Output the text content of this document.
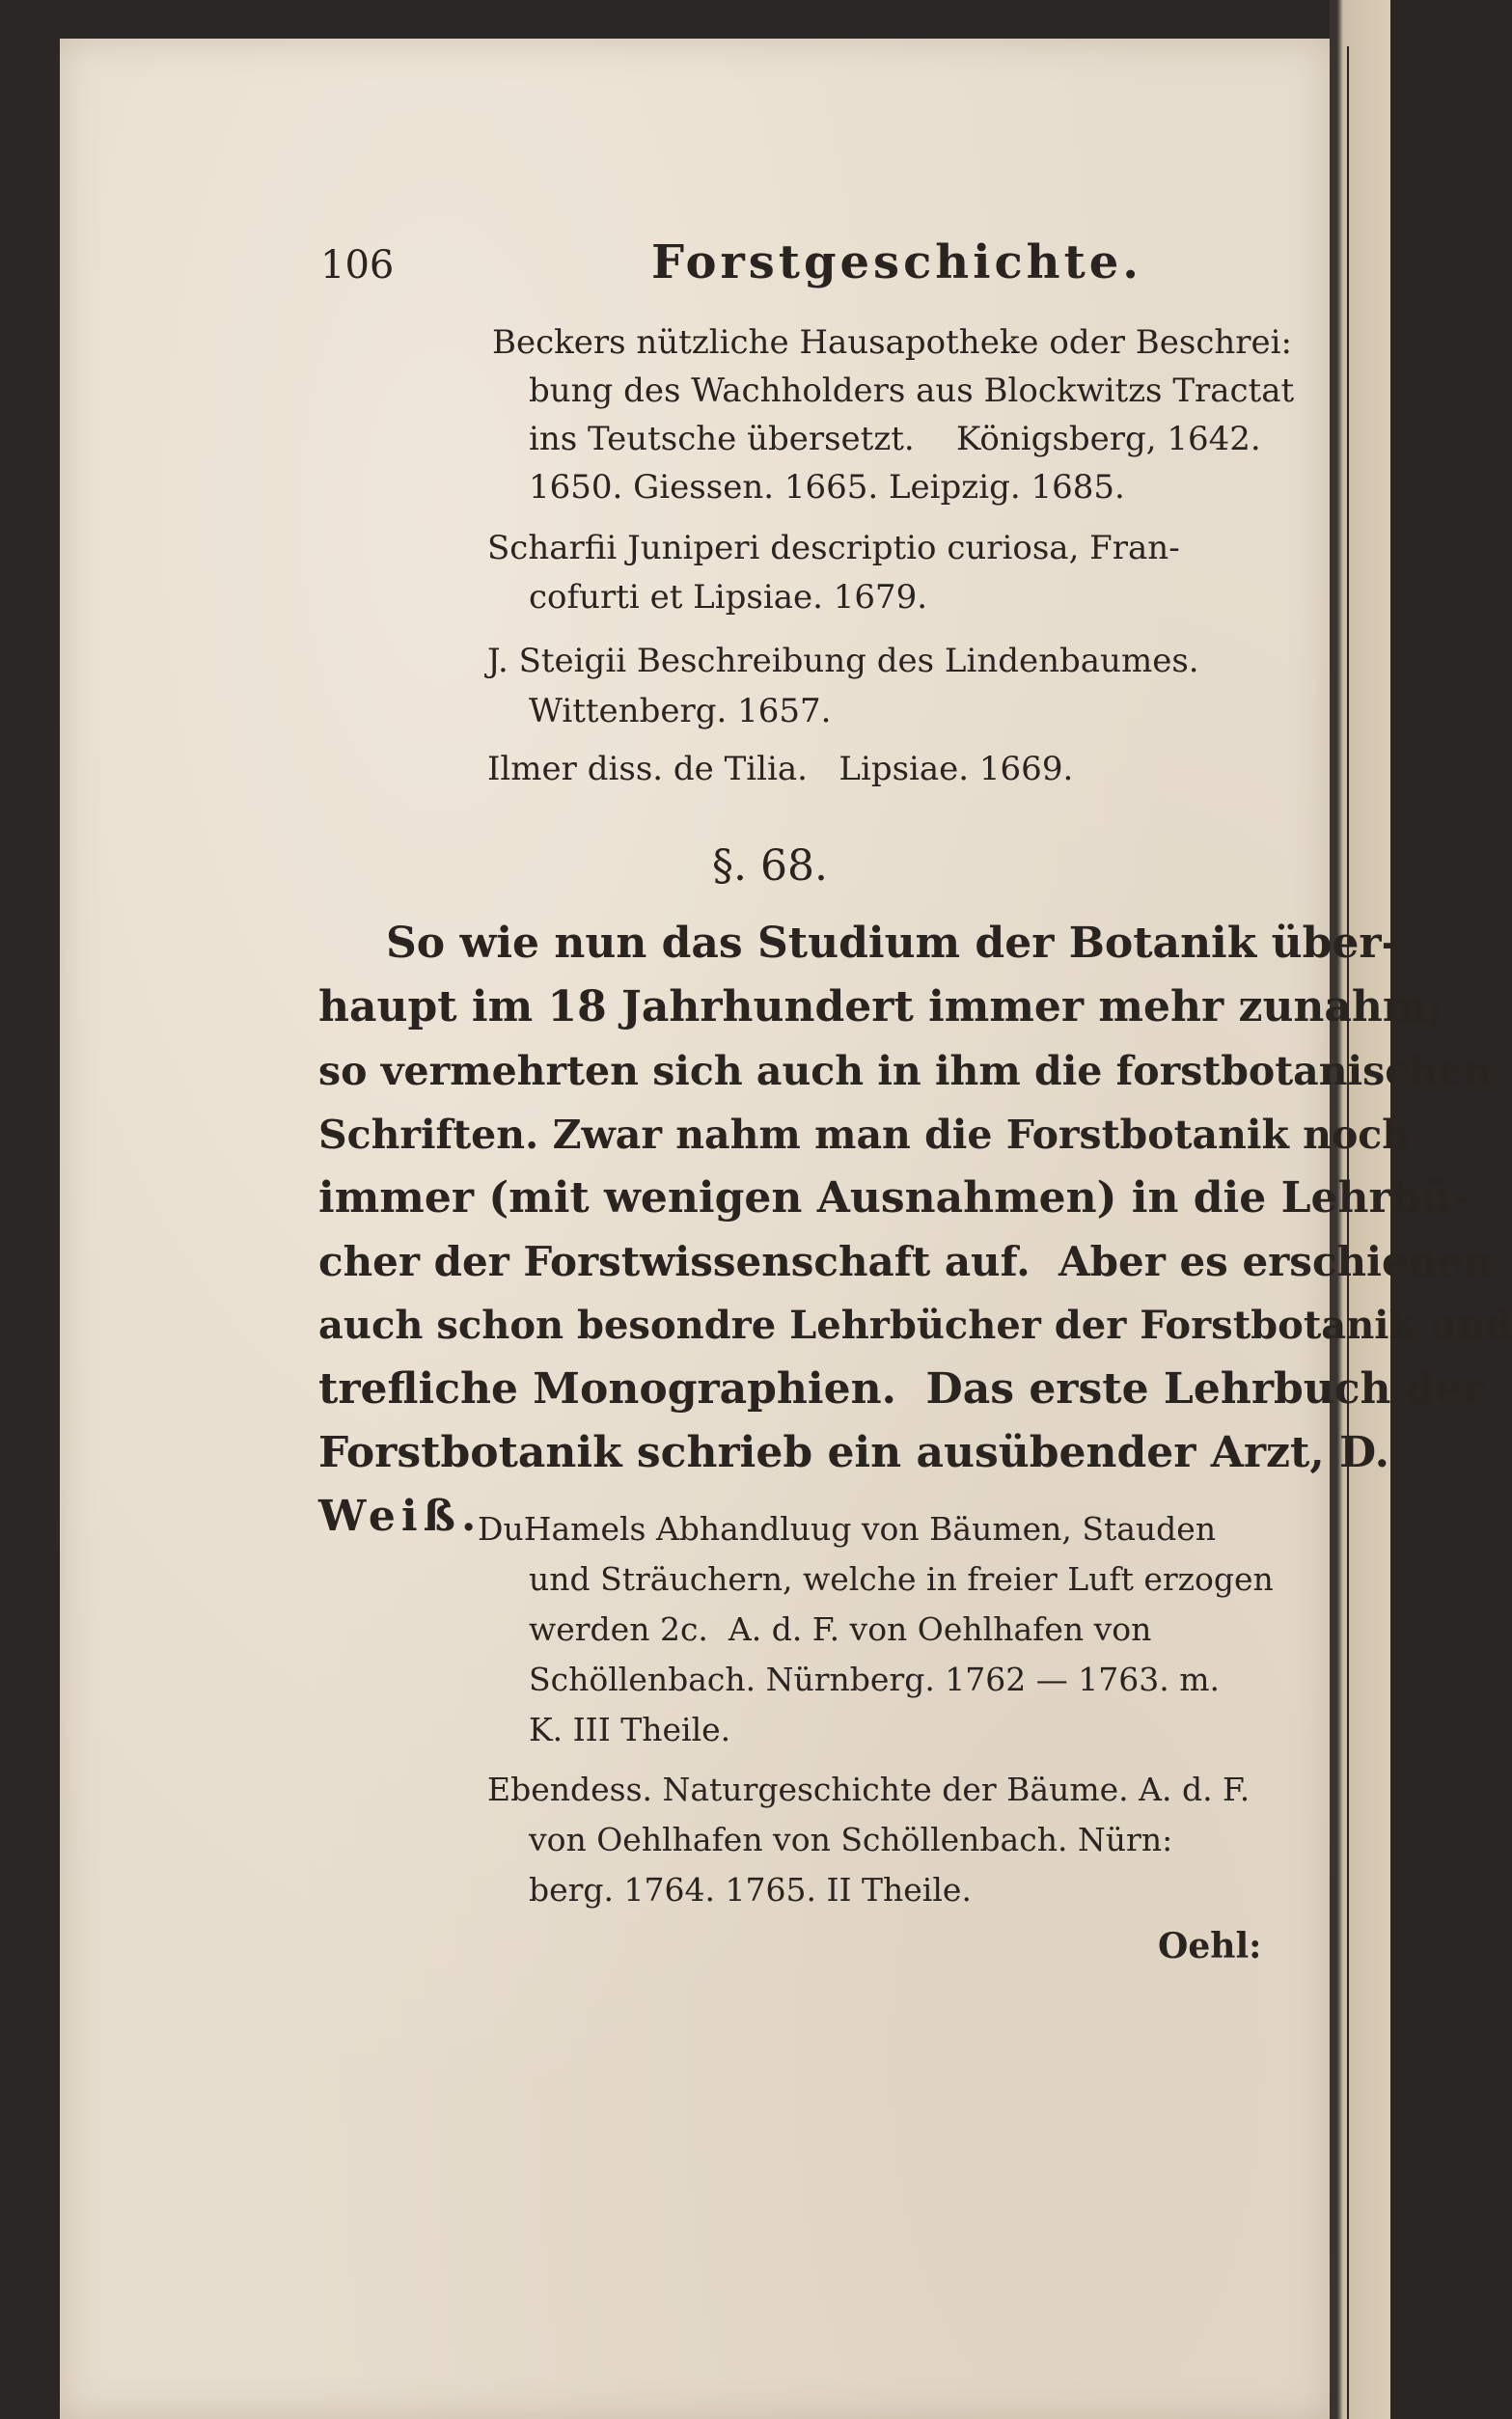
106	Forstgeschichte.
Beckers nützliche Hausapotheke oder Beschrei:
bung des Wachholders aus Blockwitzs Tractat
ins Teutsche übersetzt.    Königsberg, 1642.
1650. Giessen. 1665. Leipzig. 1685.
Scharfii Juniperi descriptio curiosa, Fran-
cofurti et Lipsiae. 1679.
J. Steigii Beschreibung des Lindenbaumes.
Wittenberg. 1657.
Ilmer diss. de Tilia.   Lipsiae. 1669.
§. 68.
So wie nun das Studium der Botanik über-
haupt im 18 Jahrhundert immer mehr zunahm;
so vermehrten sich auch in ihm die forstbotanischen
Schriften. Zwar nahm man die Forstbotanik noch
immer (mit wenigen Ausnahmen) in die Lehrbü-
cher der Forstwissenschaft auf.  Aber es erschienen
auch schon besondre Lehrbücher der Forstbotanik und
trefliche Monographien.  Das erste Lehrbuch der
Forstbotanik schrieb ein ausübender Arzt, D.
Weiß.
DuHamels Abhandluug von Bäumen, Stauden
und Sträuchern, welche in freier Luft erzogen
werden 2c.  A. d. F. von Oehlhafen von
Schöllenbach. Nürnberg. 1762 — 1763. m.
K. III Theile.
Ebendess. Naturgeschichte der Bäume. A. d. F.
von Oehlhafen von Schöllenbach. Nürn:
berg. 1764. 1765. II Theile.
Oehl:
